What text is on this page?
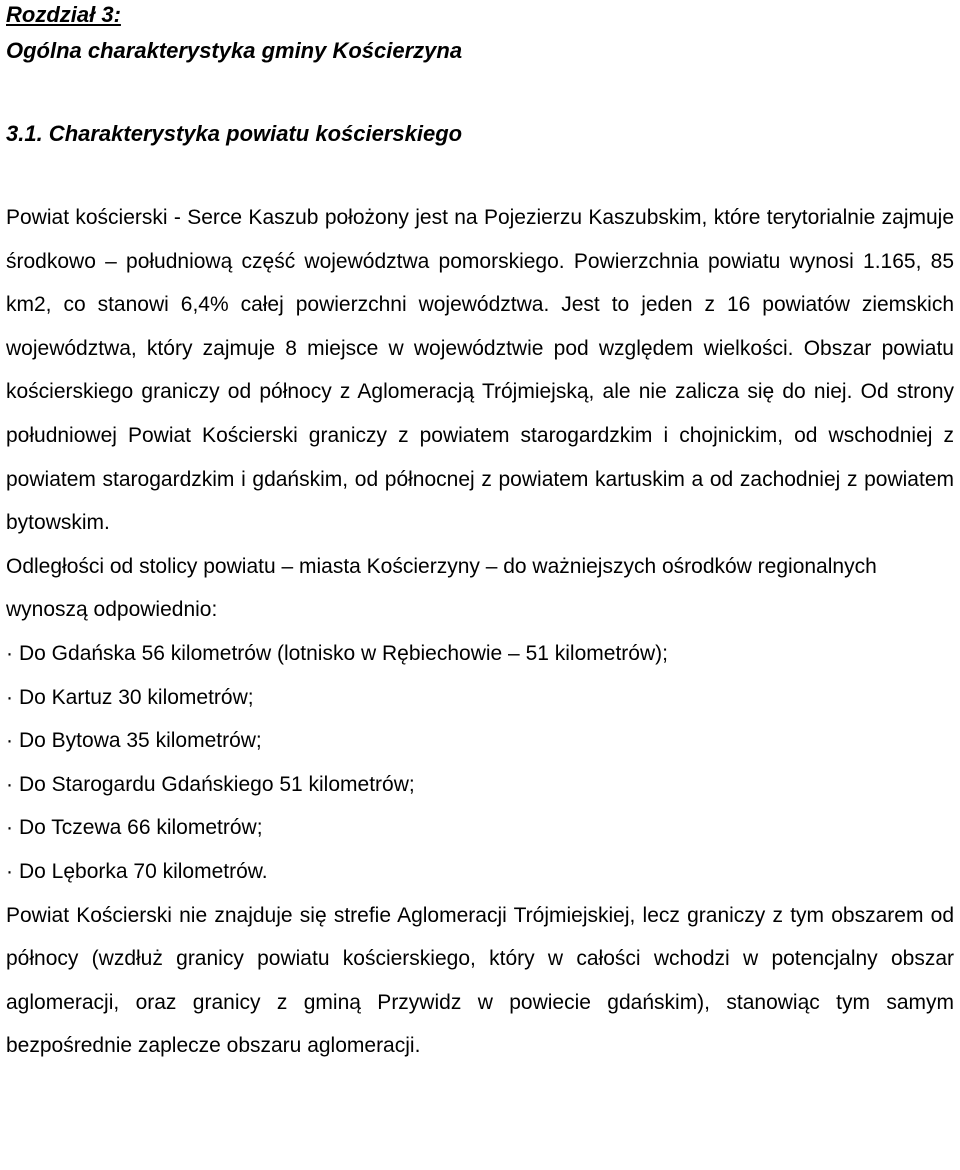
Rozdział 3:
Ogólna charakterystyka gminy Kościerzyna
3.1. Charakterystyka powiatu kościerskiego

Powiat kościerski - Serce Kaszub położony jest na Pojezierzu Kaszubskim, które terytorialnie zajmuje środkowo – południową część województwa pomorskiego. Powierzchnia powiatu wynosi 1.165, 85 km2, co stanowi 6,4% całej powierzchni województwa. Jest to jeden z 16 powiatów ziemskich województwa, który zajmuje 8 miejsce w województwie pod względem wielkości. Obszar powiatu kościerskiego graniczy od północy z Aglomeracją Trójmiejską, ale nie zalicza się do niej. Od strony południowej Powiat Kościerski graniczy z powiatem starogardzkim i chojnickim, od wschodniej z powiatem starogardzkim i gdańskim, od północnej z powiatem kartuskim a od zachodniej z powiatem bytowskim.

Odległości od stolicy powiatu – miasta Kościerzyny – do ważniejszych ośrodków regionalnych wynoszą odpowiednio:

· Do Gdańska 56 kilometrów (lotnisko w Rębiechowie – 51 kilometrów);
· Do Kartuz 30 kilometrów;
· Do Bytowa 35 kilometrów;
· Do Starogardu Gdańskiego 51 kilometrów;
· Do Tczewa 66 kilometrów;
· Do Lęborka 70 kilometrów.

Powiat Kościerski nie znajduje się strefie Aglomeracji Trójmiejskiej, lecz graniczy z tym obszarem od północy (wzdłuż granicy powiatu kościerskiego, który w całości wchodzi w potencjalny obszar aglomeracji, oraz granicy z gminą Przywidz w powiecie gdańskim), stanowiąc tym samym bezpośrednie zaplecze obszaru aglomeracji.
